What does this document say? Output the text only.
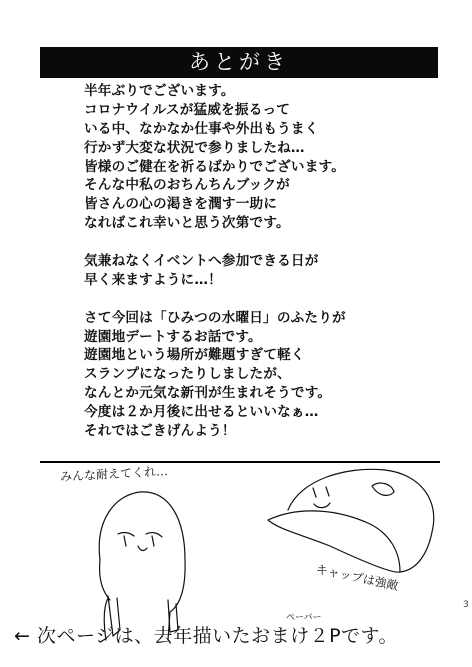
あとがき
半年ぶりでございます。
コロナウイルスが猛威を振るって
いる中、なかなか仕事や外出もうまく
行かず大変な状況で参りましたね…
皆様のご健在を祈るばかりでございます。
そんな中私のおちんちんブックが
皆さんの心の渇きを潤す一助に
なればこれ幸いと思う次第です。
気兼ねなくイベントへ参加できる日が
早く来ますように…！
さて今回は「ひみつの水曜日」のふたりが
遊園地デートするお話です。
遊園地という場所が難題すぎて軽く
スランプになったりしましたが、
なんとか元気な新刊が生まれそうです。
今度は２か月後に出せるといいなぁ…
それではごきげんよう！
みんな耐えてくれ…
キャップは強敵
ペーパー
← 次ページは、去年描いたおまけ２Pです。
3
